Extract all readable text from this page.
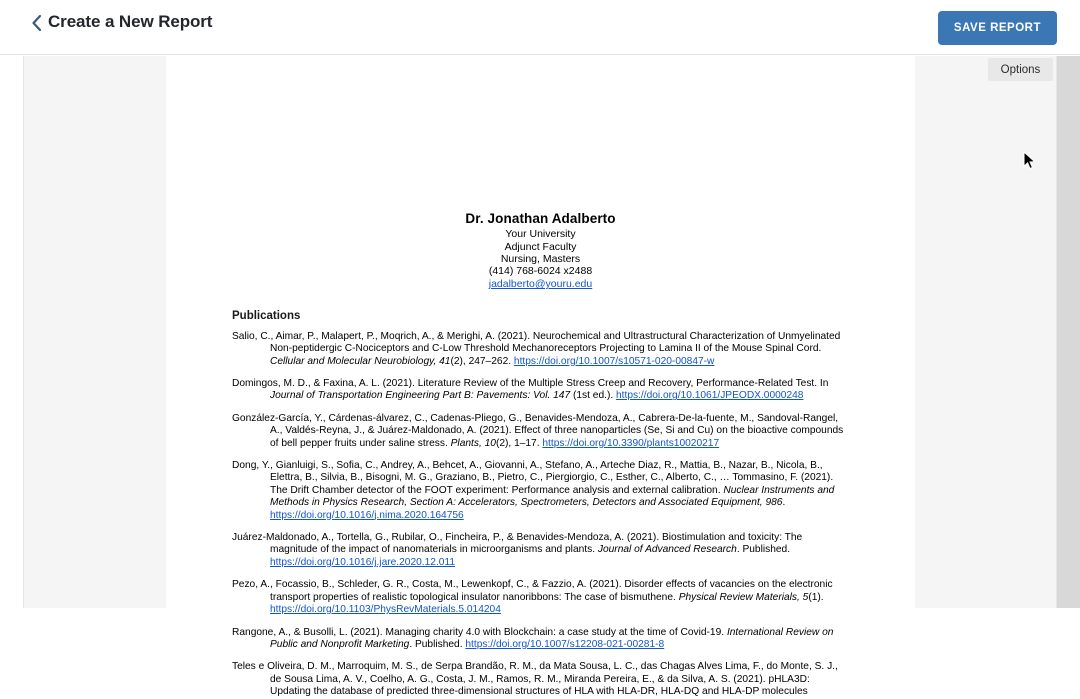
Create a New Report	SAVE REPORT
Dr. Jonathan Adalberto
Your University
Adjunct Faculty
Nursing, Masters
(414) 768-6024 x2488
jadalberto@youru.edu
Publications
Salio, C., Aimar, P., Malapert, P., Moqrich, A., & Merighi, A. (2021). Neurochemical and Ultrastructural Characterization of Unmyelinated Non-peptidergic C-Nociceptors and C-Low Threshold Mechanoreceptors Projecting to Lamina II of the Mouse Spinal Cord. Cellular and Molecular Neurobiology, 41(2), 247–262. https://doi.org/10.1007/s10571-020-00847-w
Domingos, M. D., & Faxina, A. L. (2021). Literature Review of the Multiple Stress Creep and Recovery, Performance-Related Test. In Journal of Transportation Engineering Part B: Pavements: Vol. 147 (1st ed.). https://doi.org/10.1061/JPEODX.0000248
González-García, Y., Cárdenas-álvarez, C., Cadenas-Pliego, G., Benavides-Mendoza, A., Cabrera-De-la-fuente, M., Sandoval-Rangel, A., Valdés-Reyna, J., & Juárez-Maldonado, A. (2021). Effect of three nanoparticles (Se, Si and Cu) on the bioactive compounds of bell pepper fruits under saline stress. Plants, 10(2), 1–17. https://doi.org/10.3390/plants10020217
Dong, Y., Gianluigi, S., Sofia, C., Andrey, A., Behcet, A., Giovanni, A., Stefano, A., Arteche Diaz, R., Mattia, B., Nazar, B., Nicola, B., Elettra, B., Silvia, B., Bisogni, M. G., Graziano, B., Pietro, C., Piergiorgio, C., Esther, C., Alberto, C., … Tommasino, F. (2021). The Drift Chamber detector of the FOOT experiment: Performance analysis and external calibration. Nuclear Instruments and Methods in Physics Research, Section A: Accelerators, Spectrometers, Detectors and Associated Equipment, 986. https://doi.org/10.1016/j.nima.2020.164756
Juárez-Maldonado, A., Tortella, G., Rubilar, O., Fincheira, P., & Benavides-Mendoza, A. (2021). Biostimulation and toxicity: The magnitude of the impact of nanomaterials in microorganisms and plants. Journal of Advanced Research. Published. https://doi.org/10.1016/j.jare.2020.12.011
Pezo, A., Focassio, B., Schleder, G. R., Costa, M., Lewenkopf, C., & Fazzio, A. (2021). Disorder effects of vacancies on the electronic transport properties of realistic topological insulator nanoribbons: The case of bismuthene. Physical Review Materials, 5(1). https://doi.org/10.1103/PhysRevMaterials.5.014204
Rangone, A., & Busolli, L. (2021). Managing charity 4.0 with Blockchain: a case study at the time of Covid-19. International Review on Public and Nonprofit Marketing. Published. https://doi.org/10.1007/s12208-021-00281-8
Teles e Oliveira, D. M., Marroquim, M. S., de Serpa Brandão, R. M., da Mata Sousa, L. C., das Chagas Alves Lima, F., do Monte, S. J., de Sousa Lima, A. V., Coelho, A. G., Costa, J. M., Ramos, R. M., Miranda Pereira, E., & da Silva, A. S. (2021). pHLA3D: Updating the database of predicted three-dimensional structures of HLA with HLA-DR, HLA-DQ and HLA-DP molecules
Options
